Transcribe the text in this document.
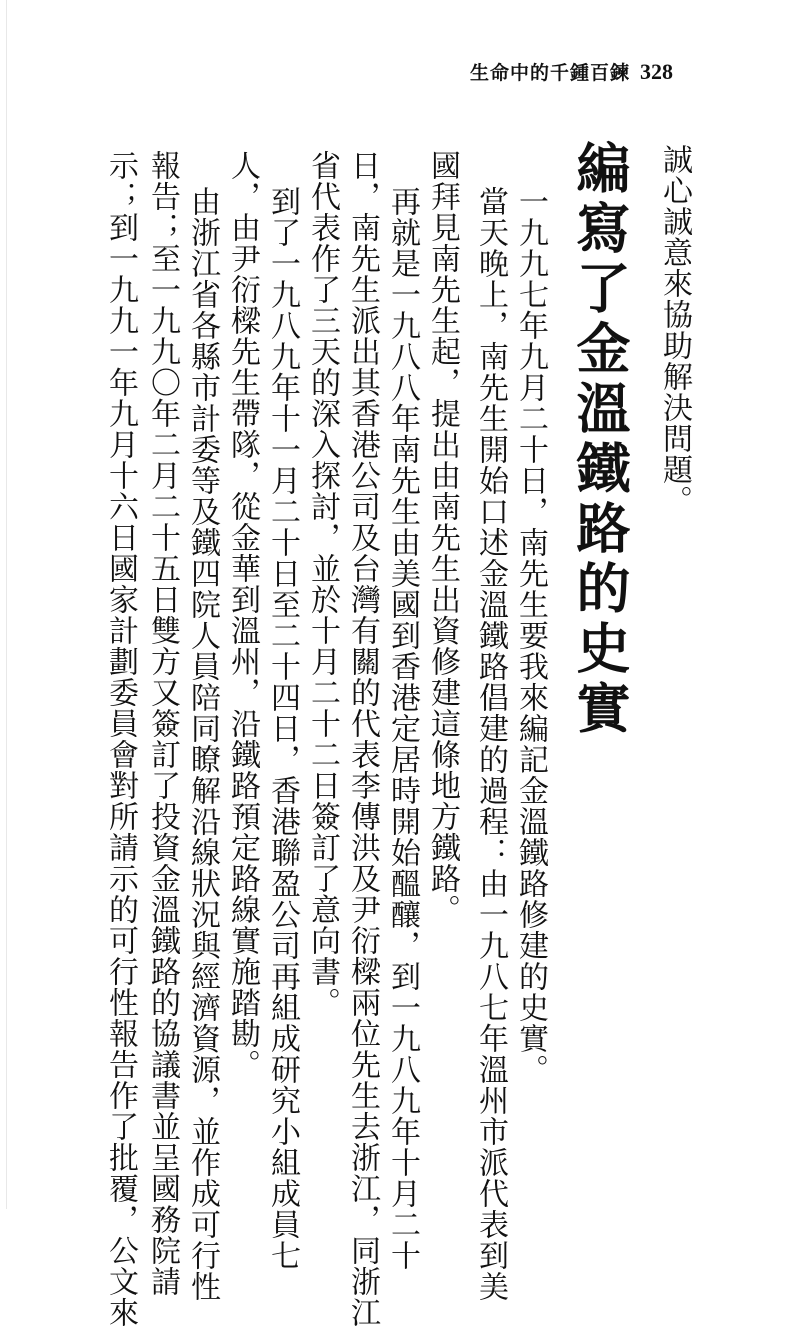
生命中的千鍾百鍊 328
誠心誠意來協助解決問題。
編寫了金溫鐵路的史實
一九九七年九月二十日，南先生要我來編記金溫鐵路修建的史實。
當天晚上，南先生開始口述金溫鐵路倡建的過程：由一九八七年溫州市派代表到美
國拜見南先生起，提出由南先生出資修建這條地方鐵路。
再就是一九八八年南先生由美國到香港定居時開始醞釀，到一九八九年十月二十
日，南先生派出其香港公司及台灣有關的代表李傳洪及尹衍樑兩位先生去浙江，同浙江
省代表作了三天的深入探討，並於十月二十二日簽訂了意向書。
到了一九八九年十一月二十日至二十四日，香港聯盈公司再組成研究小組成員七
人，由尹衍樑先生帶隊，從金華到溫州，沿鐵路預定路線實施踏勘。
由浙江省各縣市計委等及鐵四院人員陪同瞭解沿線狀況與經濟資源，並作成可行性
報告；至一九九〇年二月二十五日雙方又簽訂了投資金溫鐵路的協議書並呈國務院請
示；到一九九一年九月十六日國家計劃委員會對所請示的可行性報告作了批覆，公文來
